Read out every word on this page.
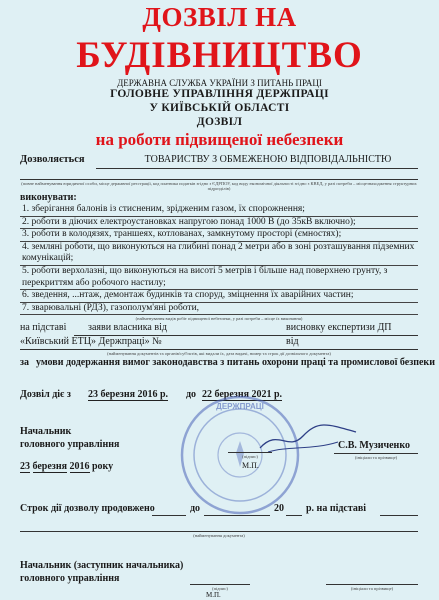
ДОЗВІЛ НА
БУДІВНИЦТВО
ДЕРЖАВНА СЛУЖБА УКРАЇНИ З ПИТАНЬ ПРАЦІ
ГОЛОВНЕ УПРАВЛІННЯ ДЕРЖПРАЦІ
У КИЇВСЬКІЙ ОБЛАСТІ
ДОЗВІЛ
на роботи підвищеної небезпеки
Дозволяється	ТОВАРИСТВУ З ОБМЕЖЕНОЮ ВІДПОВІДАЛЬНІСТЮ
(повне найменування юридичної особи, місце державної реєстрації, код платника податків згідно з ЄДРПОУ, код виду економічної діяльності згідно з КВЕД, у разі потреби – місцезнаходження структурних підрозділів)
виконувати:
1. зберігання балонів із стисненим, зрідженим газом, їх спорожнення;
2. роботи в діючих електроустановках напругою понад 1000 В (до 35кВ включно);
3. роботи в колодязях, траншеях, котлованах, замкнутому просторі (ємностях);
4. земляні роботи, що виконуються на глибині понад 2 метри або в зоні розташування підземних комунікацій;
5. роботи верхолазні, що виконуються на висоті 5 метрів і більше над поверхнею грунту, з перекриттям або робочого настилу;
6. зведення, ...нтаж, демонтаж будинків та споруд, зміцнення їх аварійних частин;
7. зварювальні (РДЗ), газополум'яні роботи,
(найменування видів робіт підвищеної небезпеки, у разі потреби – місце їх виконання)
на підставі заяви власника від	висновку експертизи ДП
«Київський ЕТЦ» Держпраці» №	від
(найменування документів та органів/суб'єктів, які видали їх, дата видачі, номер та строк дії дозвільного документа)
за умови додержання вимог законодавства з питань охорони праці та промислової безпеки
Дозвіл діє з 23 березня 2016 р. до 22 березня 2021 р.
ДЕРЖПРАЦІ
Начальник
головного управління
23 березня 2016 року
(підпис)
М.П.
С.В. Музиченко
(ініціали та прізвище)
Строк дії дозволу продовжено	до	20 р. на підставі
(найменування документа)
Начальник (заступник начальника)
головного управління
(підпис)
М.П.
(ініціали та прізвище)
